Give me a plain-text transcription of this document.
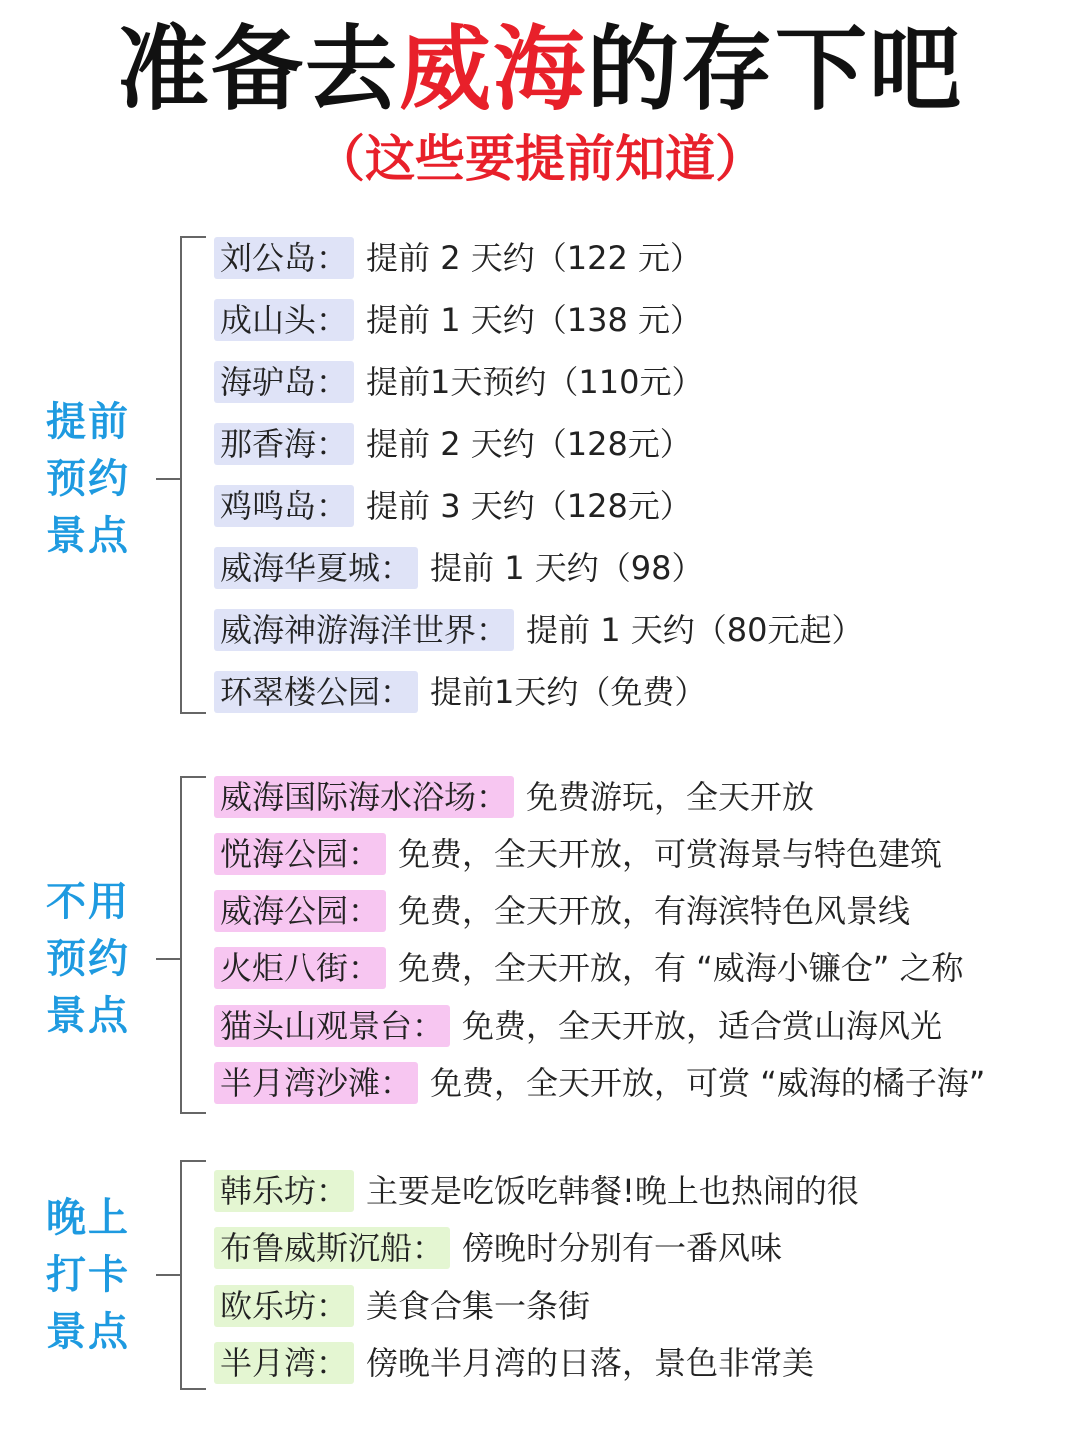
准备去威海的存下吧
（这些要提前知道）
提前
预约
景点
刘公岛： 提前 2 天约（122 元）
成山头： 提前 1 天约（138 元）
海驴岛： 提前1天预约（110元）
那香海： 提前 2 天约（128元）
鸡鸣岛： 提前 3 天约（128元）
威海华夏城： 提前 1 天约（98）
威海神游海洋世界： 提前 1 天约（80元起）
环翠楼公园： 提前1天约（免费）
不用
预约
景点
威海国际海水浴场： 免费游玩，全天开放
悦海公园： 免费，全天开放，可赏海景与特色建筑
威海公园： 免费，全天开放，有海滨特色风景线
火炬八街： 免费，全天开放，有 “威海小镰仓” 之称
猫头山观景台： 免费，全天开放，适合赏山海风光
半月湾沙滩： 免费，全天开放，可赏 “威海的橘子海”
晚上
打卡
景点
韩乐坊： 主要是吃饭吃韩餐!晚上也热闹的很
布鲁威斯沉船： 傍晚时分别有一番风味
欧乐坊： 美食合集一条街
半月湾： 傍晚半月湾的日落，景色非常美
